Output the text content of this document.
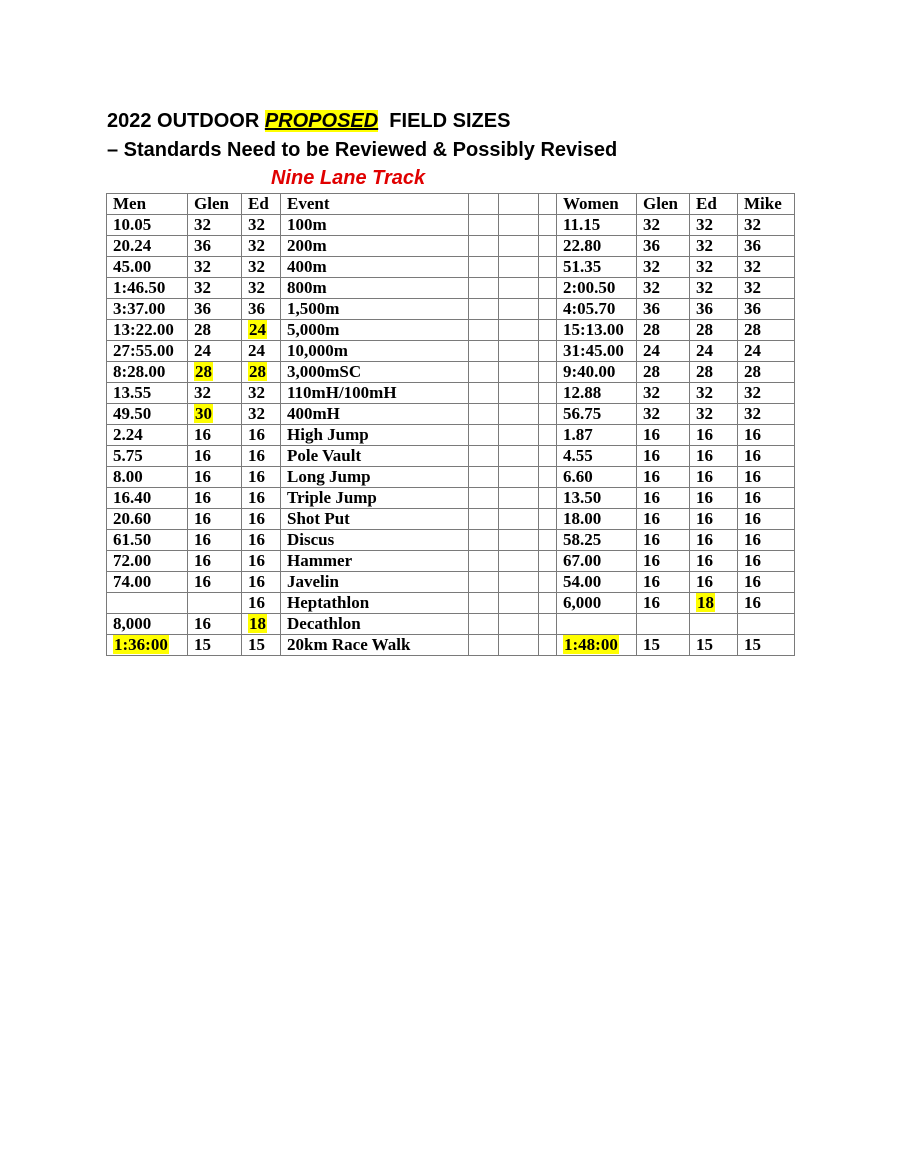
2022 OUTDOOR PROPOSED  FIELD SIZES
– Standards Need to be Reviewed & Possibly Revised
Nine Lane Track
Men	Glen	Ed	Event				Women	Glen	Ed	Mike
10.05	32	32	100m				11.15	32	32	32
20.24	36	32	200m				22.80	36	32	36
45.00	32	32	400m				51.35	32	32	32
1:46.50	32	32	800m				2:00.50	32	32	32
3:37.00	36	36	1,500m				4:05.70	36	36	36
13:22.00	28	24	5,000m				15:13.00	28	28	28
27:55.00	24	24	10,000m				31:45.00	24	24	24
8:28.00	28	28	3,000mSC				9:40.00	28	28	28
13.55	32	32	110mH/100mH				12.88	32	32	32
49.50	30	32	400mH				56.75	32	32	32
2.24	16	16	High Jump				1.87	16	16	16
5.75	16	16	Pole Vault				4.55	16	16	16
8.00	16	16	Long Jump				6.60	16	16	16
16.40	16	16	Triple Jump				13.50	16	16	16
20.60	16	16	Shot Put				18.00	16	16	16
61.50	16	16	Discus				58.25	16	16	16
72.00	16	16	Hammer				67.00	16	16	16
74.00	16	16	Javelin				54.00	16	16	16
		16	Heptathlon				6,000	16	18	16
8,000	16	18	Decathlon							
1:36:00	15	15	20km Race Walk				1:48:00	15	15	15
